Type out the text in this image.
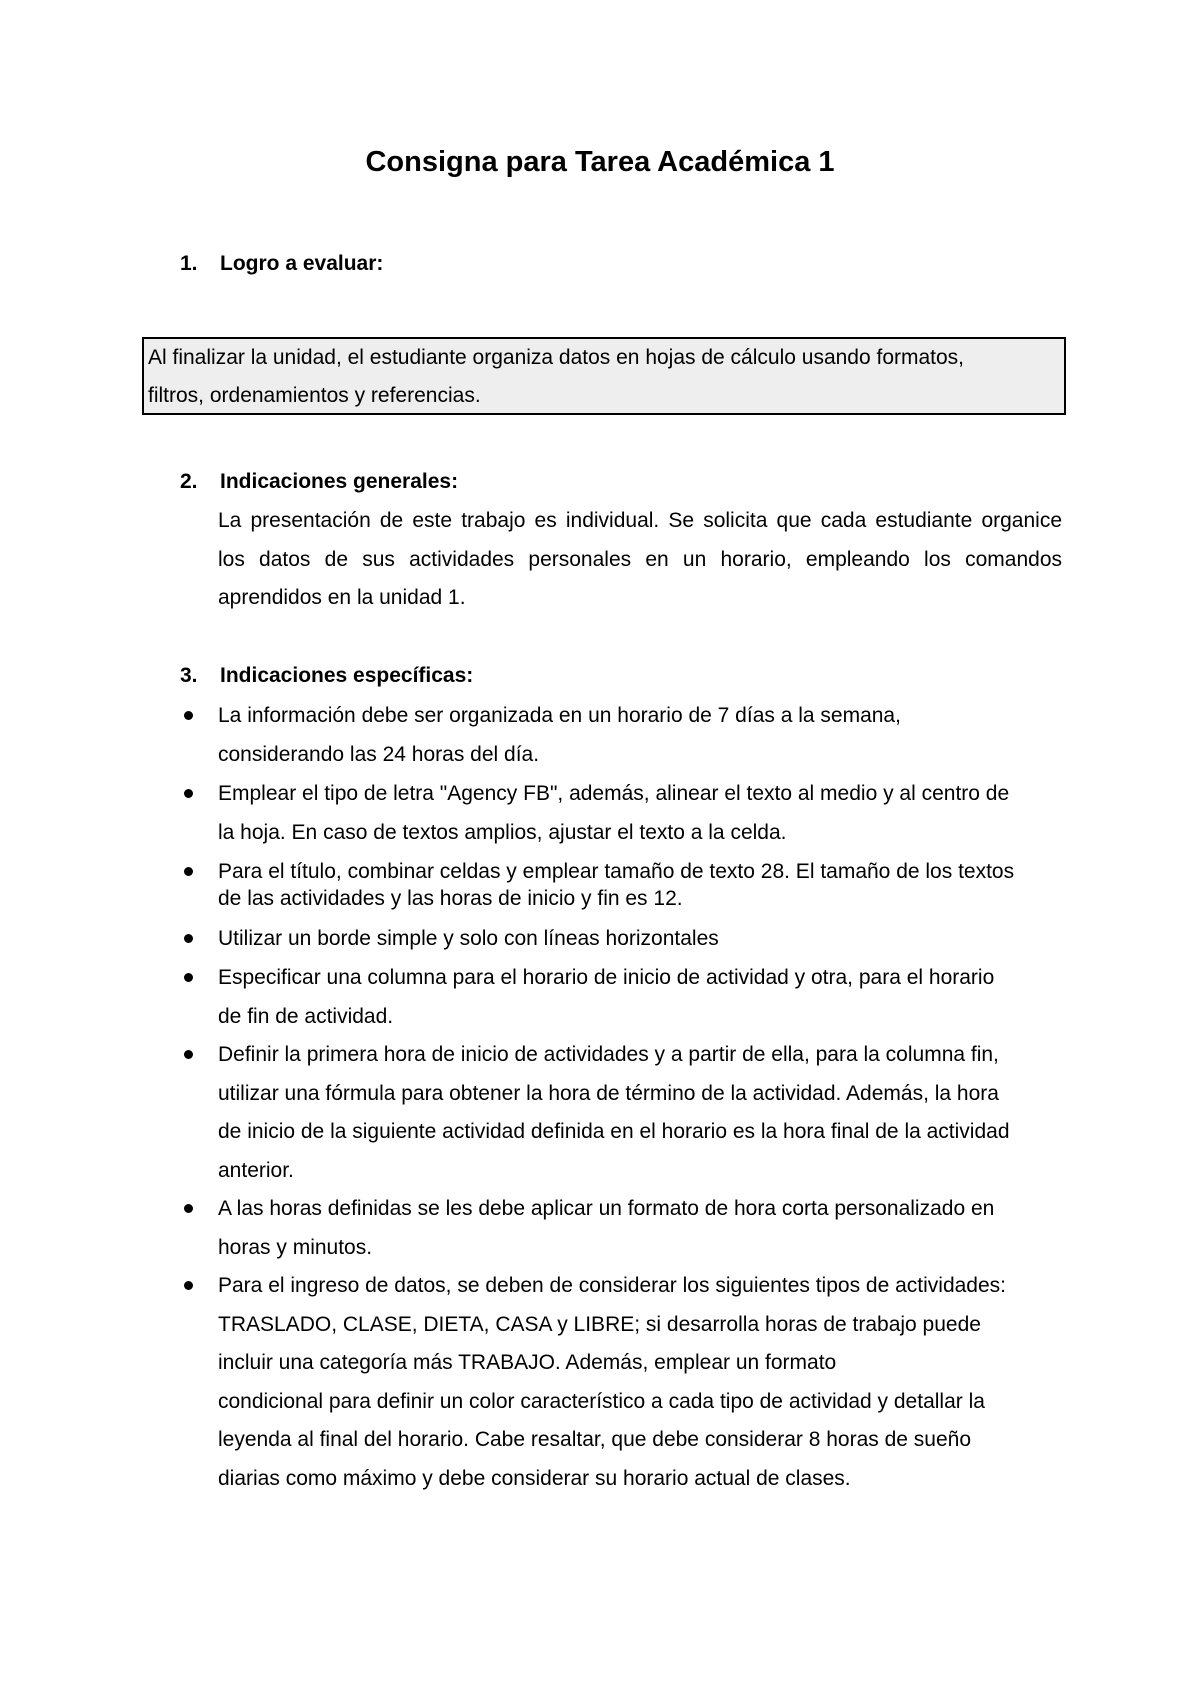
Consigna para Tarea Académica 1
1. Logro a evaluar:
Al finalizar la unidad, el estudiante organiza datos en hojas de cálculo usando formatos,
filtros, ordenamientos y referencias.
2. Indicaciones generales:
La presentación de este trabajo es individual. Se solicita que cada estudiante organice
los datos de sus actividades personales en un horario, empleando los comandos
aprendidos en la unidad 1.
3. Indicaciones específicas:
La información debe ser organizada en un horario de 7 días a la semana,
considerando las 24 horas del día.
Emplear el tipo de letra "Agency FB", además, alinear el texto al medio y al centro de
la hoja. En caso de textos amplios, ajustar el texto a la celda.
Para el título, combinar celdas y emplear tamaño de texto 28. El tamaño de los textos
de las actividades y las horas de inicio y fin es 12.
Utilizar un borde simple y solo con líneas horizontales
Especificar una columna para el horario de inicio de actividad y otra, para el horario
de fin de actividad.
Definir la primera hora de inicio de actividades y a partir de ella, para la columna fin,
utilizar una fórmula para obtener la hora de término de la actividad. Además, la hora
de inicio de la siguiente actividad definida en el horario es la hora final de la actividad
anterior.
A las horas definidas se les debe aplicar un formato de hora corta personalizado en
horas y minutos.
Para el ingreso de datos, se deben de considerar los siguientes tipos de actividades:
TRASLADO, CLASE, DIETA, CASA y LIBRE; si desarrolla horas de trabajo puede
incluir una categoría más TRABAJO. Además, emplear un formato
condicional para definir un color característico a cada tipo de actividad y detallar la
leyenda al final del horario. Cabe resaltar, que debe considerar 8 horas de sueño
diarias como máximo y debe considerar su horario actual de clases.
